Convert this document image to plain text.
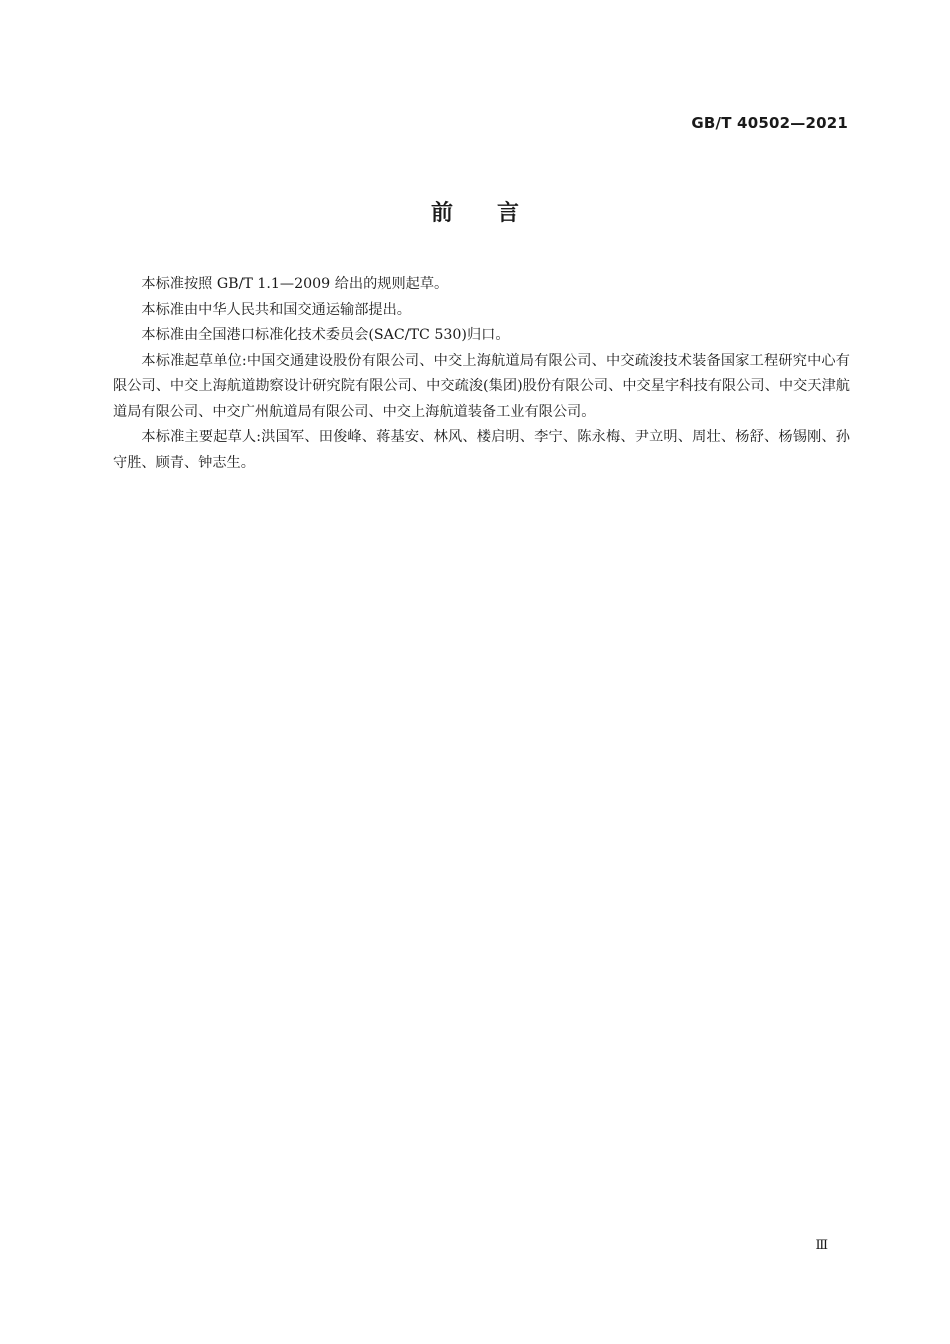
GB/T 40502—2021
前　　言

本标准按照 GB/T 1.1—2009 给出的规则起草。

本标准由中华人民共和国交通运输部提出。

本标准由全国港口标准化技术委员会(SAC/TC 530)归口。

本标准起草单位:中国交通建设股份有限公司、中交上海航道局有限公司、中交疏浚技术装备国家工程研究中心有限公司、中交上海航道勘察设计研究院有限公司、中交疏浚(集团)股份有限公司、中交星宇科技有限公司、中交天津航道局有限公司、中交广州航道局有限公司、中交上海航道装备工业有限公司。

本标准主要起草人:洪国军、田俊峰、蒋基安、林风、楼启明、李宁、陈永梅、尹立明、周壮、杨舒、杨锡刚、孙守胜、顾青、钟志生。

Ⅲ
